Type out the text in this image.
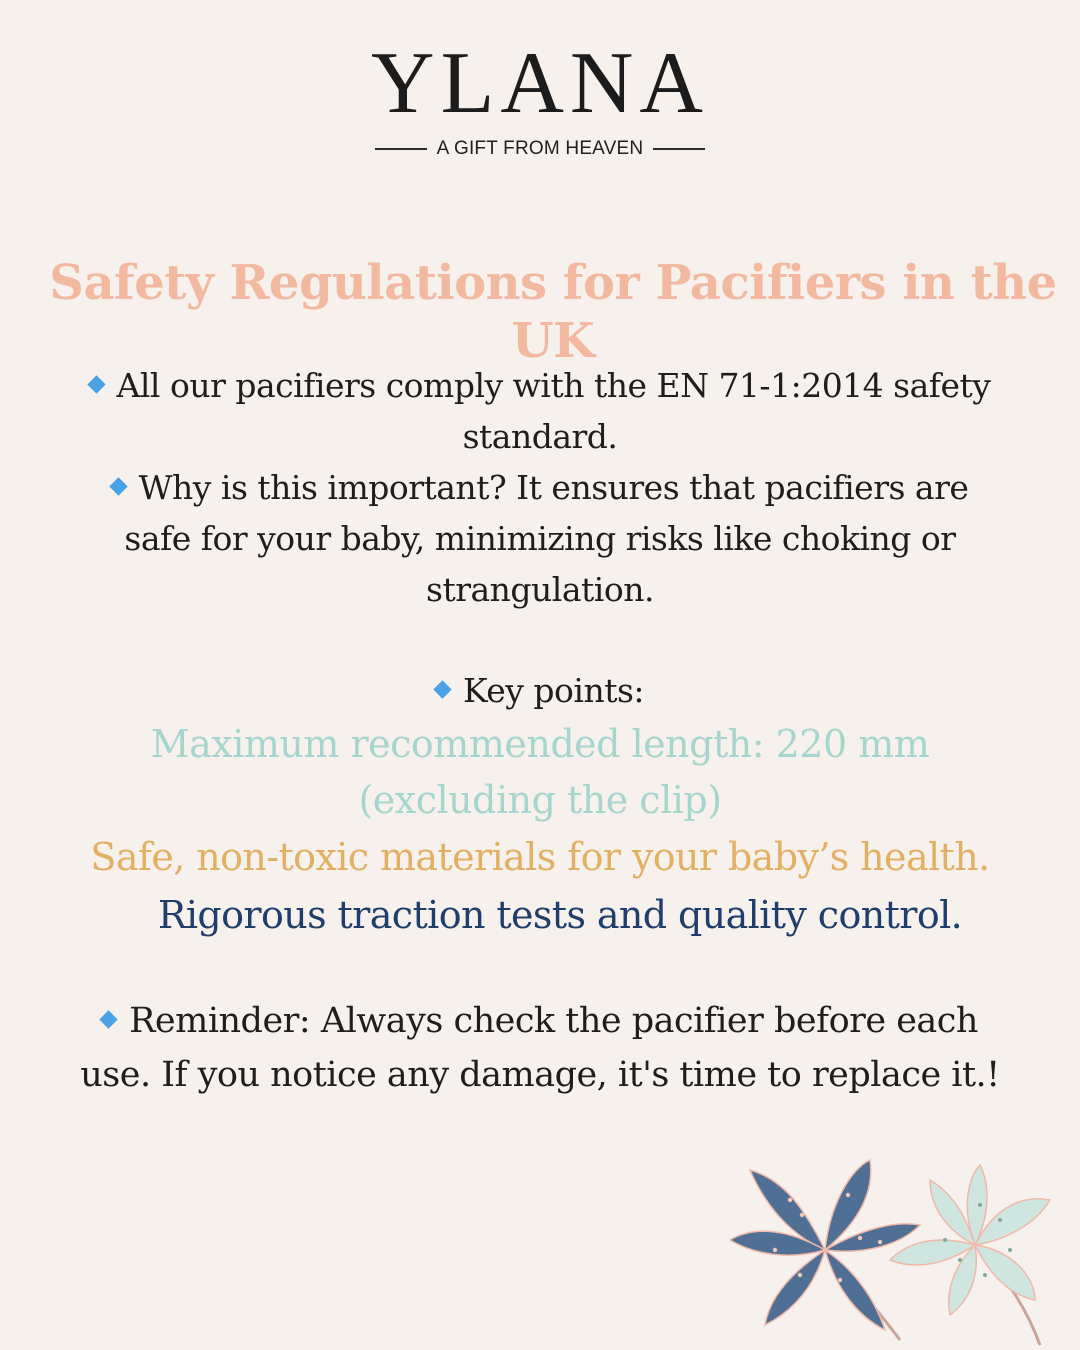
YLANA
A GIFT FROM HEAVEN
Safety Regulations for Pacifiers in the UK

All our pacifiers comply with the EN 71-1:2014 safety standard.

Why is this important? It ensures that pacifiers are safe for your baby, minimizing risks like choking or strangulation.

Key points:

Maximum recommended length: 220 mm

(excluding the clip)

Safe, non-toxic materials for your baby’s health.

Rigorous traction tests and quality control.

Reminder: Always check the pacifier before each use. If you notice any damage, it's time to replace it.!
